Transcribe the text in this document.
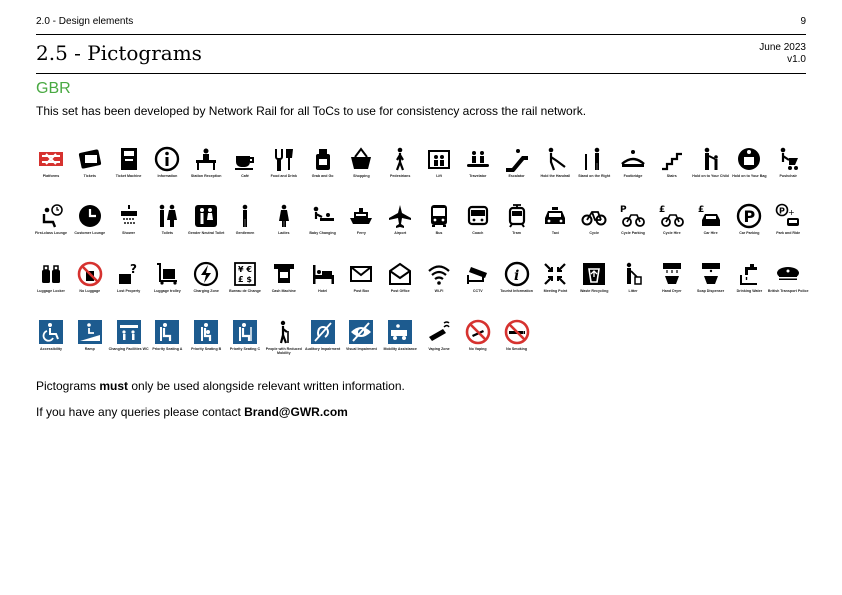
2.0 - Design elements	9
2.5 - Pictograms	June 2023
v1.0
GBR
This set has been developed by Network Rail for all ToCs to use for consistency across the rail network.
Platforms	Tickets	Ticket Machine	Information	Station Reception	Café	Food and Drink	Grab and Go	Shopping	Pedestrians	Lift	Travelator	Escalator	Hold the Handrail	Stand on the Right	Footbridge	Stairs	Hold on to Your Child Hold on to Your Bag	Pushchair
First-class Lounge	Customer Lounge	Shower	Toilets	Gender Neutral Toilet	Gentlemen	Ladies	Baby Changing	Ferry	Airport	Bus	Coach	Tram	Taxi	Cycle
P
Cycle Parking
£
Cycle Hire
£
Car Hire
P
Car Parking
P +
Park and Ride
Luggage Locker	No Luggage
?
Lost Property	Luggage trolley	Charging Zone
¥ €
£ $
Bureau de Change	Cash Machine	Hotel	Post Box	Post Office	Wi-Fi	CCTV
i
Tourist Information	Meeting Point	Waste Recycling	Litter	Hand Dryer	Soap Dispenser	Drinking Water	British Transport Police
Accessibility	Ramp	Changing Facilities WC	Priority Seating A	Priority Seating B	Priority Seating C	People with Reduced Mobility
Auditory Impairment	Visual Impairment	Mobility Assistance	Vaping Zone	No Vaping	No Smoking
Pictograms must only be used alongside relevant written information.
If you have any queries please contact Brand@GWR.com
